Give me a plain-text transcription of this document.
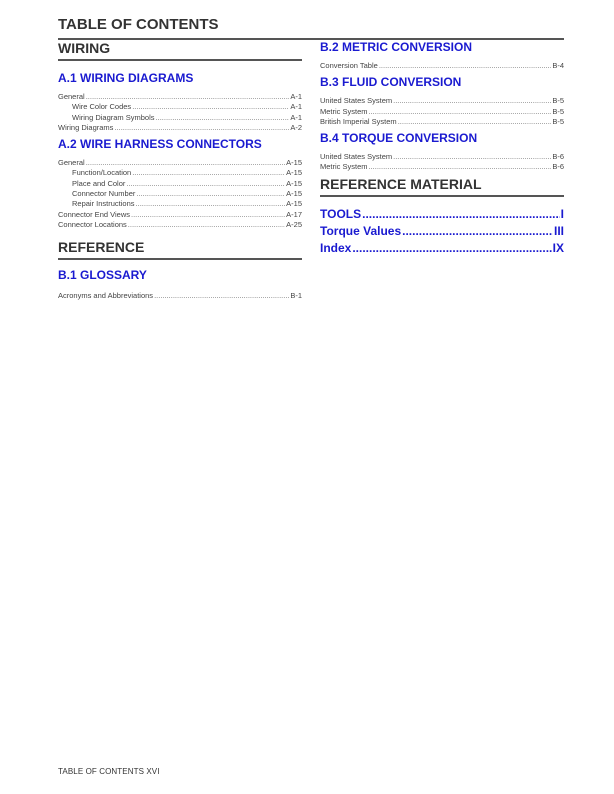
TABLE OF CONTENTS
WIRING
A.1 WIRING DIAGRAMS
General .....	A-1
Wire Color Codes .....	A-1
Wiring Diagram Symbols .....	A-1
Wiring Diagrams .....	A-2
A.2 WIRE HARNESS CONNECTORS
General .....	A-15
Function/Location .....	A-15
Place and Color .....	A-15
Connector Number .....	A-15
Repair Instructions .....	A-15
Connector End Views .....	A-17
Connector Locations .....	A-25
REFERENCE
B.1 GLOSSARY
Acronyms and Abbreviations .....	B-1
B.2 METRIC CONVERSION
Conversion Table .....	B-4
B.3 FLUID CONVERSION
United States System .....	B-5
Metric System .....	B-5
British Imperial System .....	B-5
B.4 TORQUE CONVERSION
United States System .....	B-6
Metric System .....	B-6
REFERENCE MATERIAL
TOOLS .....	I
Torque Values .....	III
Index .....	IX
TABLE OF CONTENTS XVI
